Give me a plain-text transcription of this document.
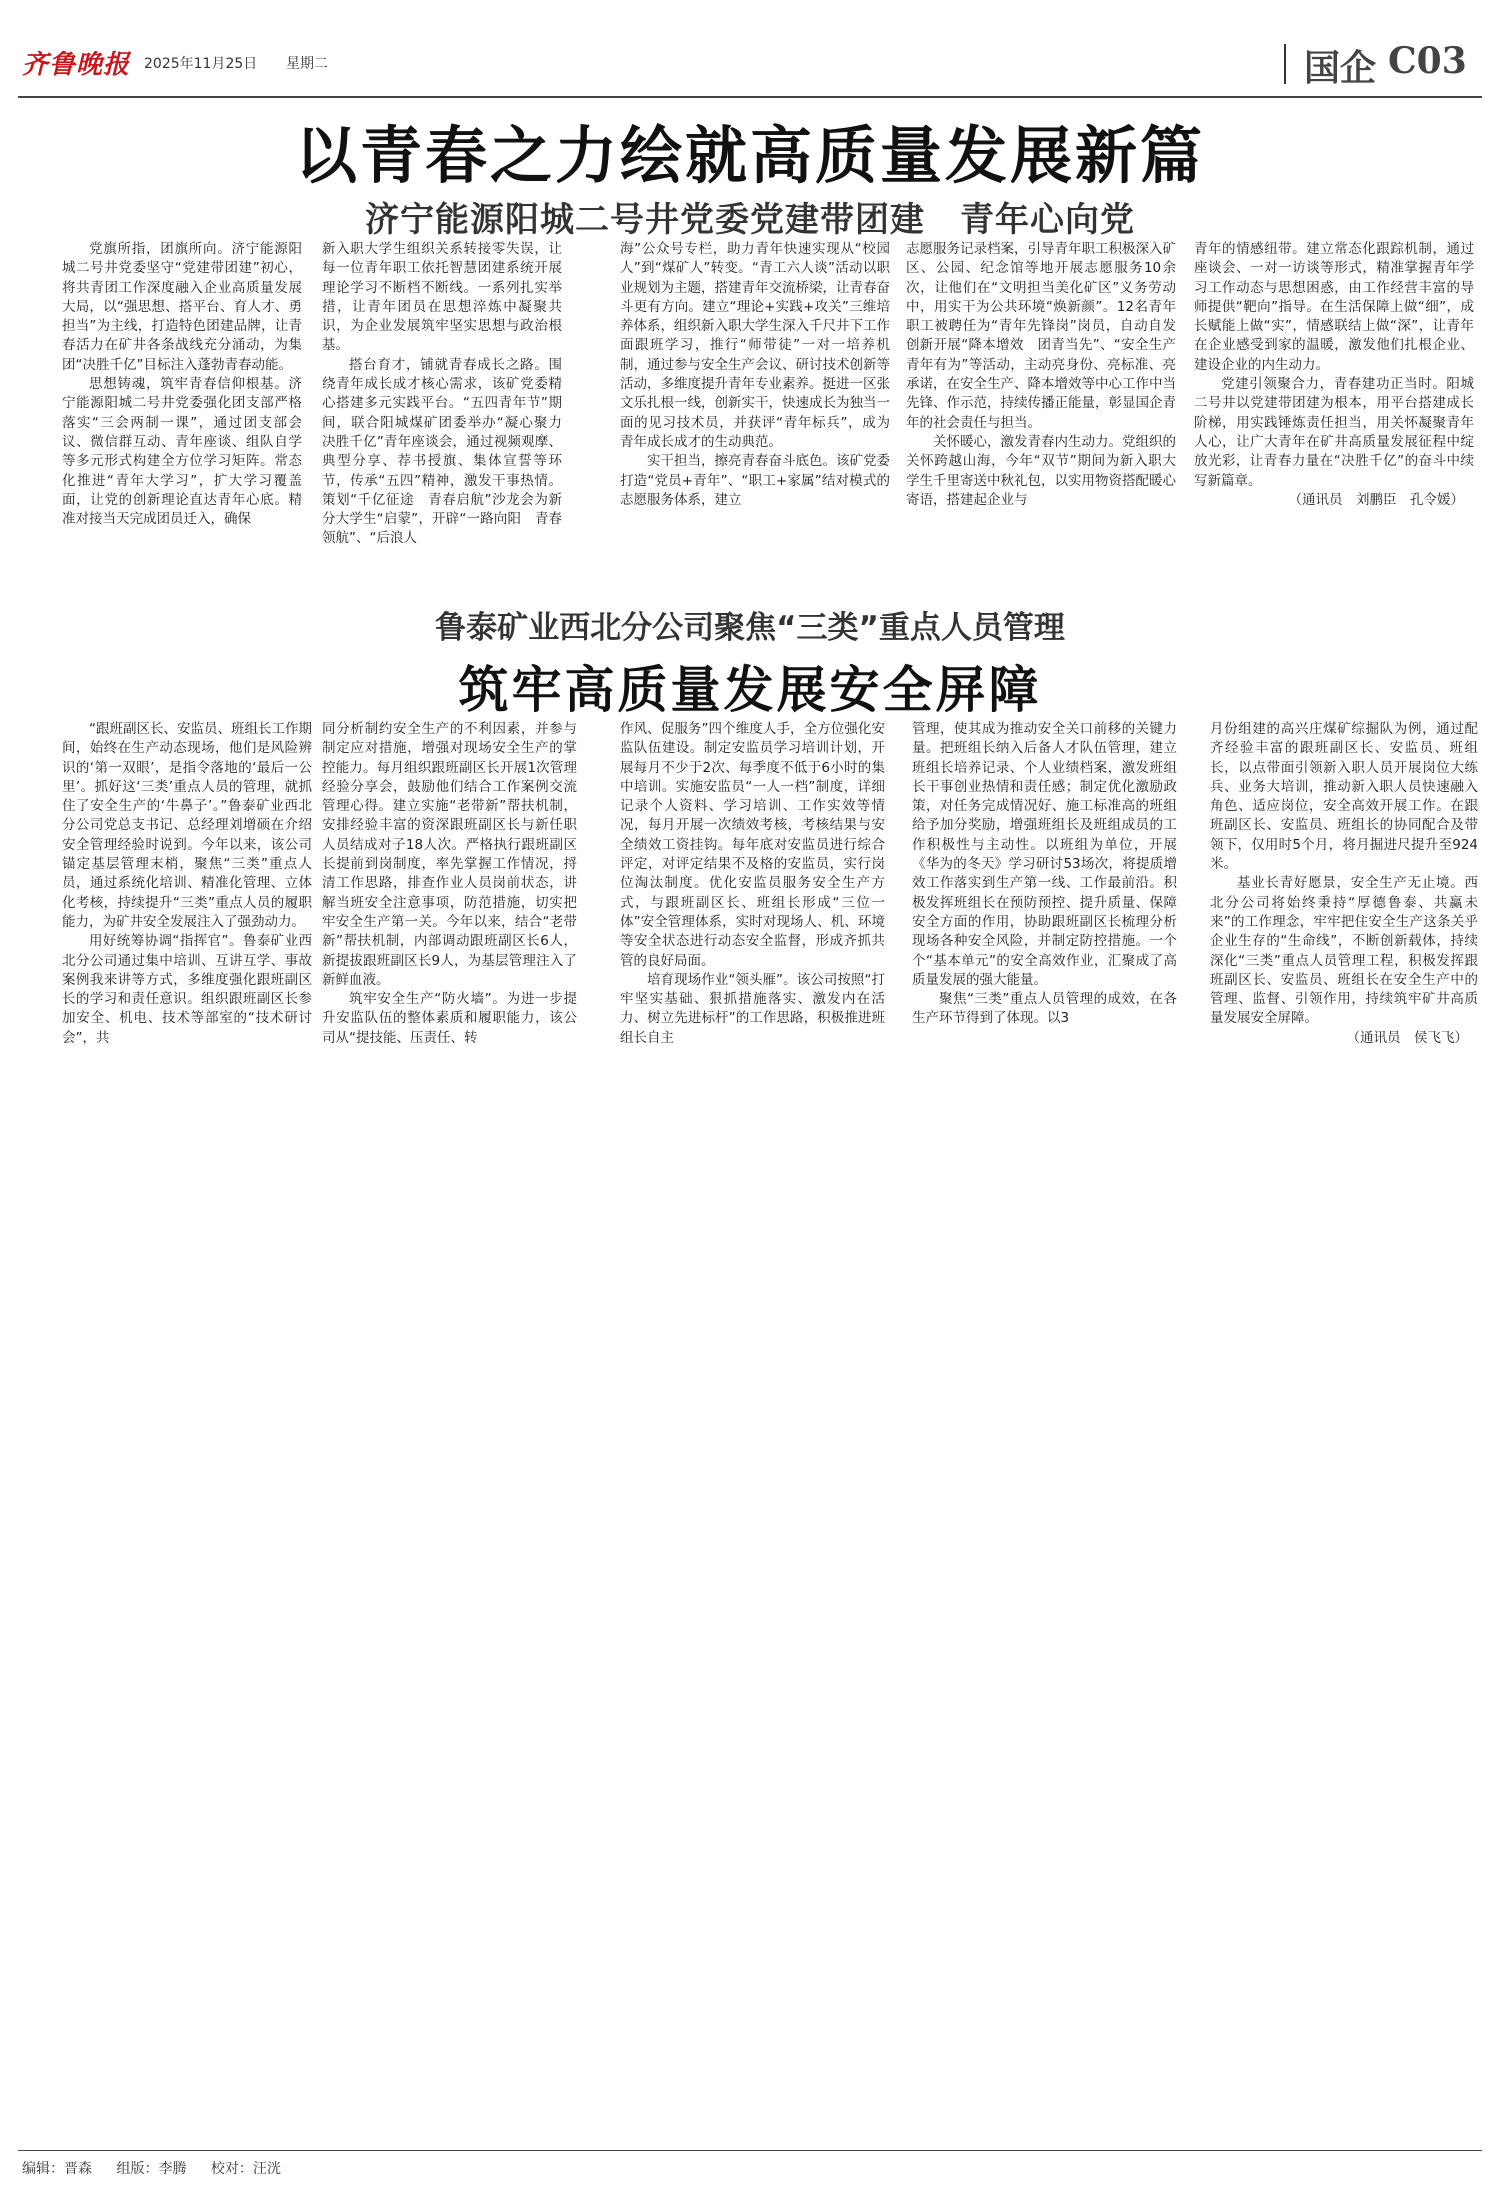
齐鲁晚报 2025年11月25日 星期二	国企 C03
以青春之力绘就高质量发展新篇
济宁能源阳城二号井党委党建带团建　青年心向党

党旗所指，团旗所向。济宁能源阳城二号井党委坚守“党建带团建”初心，将共青团工作深度融入企业高质量发展大局，以“强思想、搭平台、育人才、勇担当”为主线，打造特色团建品牌，让青春活力在矿井各条战线充分涌动，为集团“决胜千亿”目标注入蓬勃青春动能。

思想铸魂，筑牢青春信仰根基。济宁能源阳城二号井党委强化团支部严格落实“三会两制一课”，通过团支部会议、微信群互动、青年座谈、组队自学等多元形式构建全方位学习矩阵。常态化推进“青年大学习”，扩大学习覆盖面，让党的创新理论直达青年心底。精准对接当天完成团员迁入，确保

新入职大学生组织关系转接零失误，让每一位青年职工依托智慧团建系统开展理论学习不断档不断线。一系列扎实举措，让青年团员在思想淬炼中凝聚共识，为企业发展筑牢坚实思想与政治根基。

搭台育才，铺就青春成长之路。围绕青年成长成才核心需求，该矿党委精心搭建多元实践平台。“五四青年节”期间，联合阳城煤矿团委举办“凝心聚力　决胜千亿”青年座谈会，通过视频观摩、典型分享、荐书授旗、集体宣誓等环节，传承“五四”精神，激发干事热情。策划“千亿征途　青春启航”沙龙会为新分大学生“启蒙”，开辟“一路向阳　青春领航”、“后浪人

海”公众号专栏，助力青年快速实现从“校园人”到“煤矿人”转变。“青工六人谈”活动以职业规划为主题，搭建青年交流桥梁，让青春奋斗更有方向。建立“理论+实践+攻关”三维培养体系，组织新入职大学生深入千尺井下工作面跟班学习，推行“师带徒”一对一培养机制，通过参与安全生产会议、研讨技术创新等活动，多维度提升青年专业素养。挺进一区张文乐扎根一线，创新实干，快速成长为独当一面的见习技术员，并获评“青年标兵”，成为青年成长成才的生动典范。

实干担当，擦亮青春奋斗底色。该矿党委打造“党员+青年”、“职工+家属”结对模式的志愿服务体系，建立

志愿服务记录档案，引导青年职工积极深入矿区、公园、纪念馆等地开展志愿服务10余次，让他们在“文明担当美化矿区”义务劳动中，用实干为公共环境“焕新颜”。12名青年职工被聘任为“青年先锋岗”岗员，自动自发创新开展“降本增效　团青当先”、“安全生产　青年有为”等活动，主动亮身份、亮标准、亮承诺，在安全生产、降本增效等中心工作中当先锋、作示范，持续传播正能量，彰显国企青年的社会责任与担当。

关怀暖心，激发青春内生动力。党组织的关怀跨越山海，今年“双节”期间为新入职大学生千里寄送中秋礼包，以实用物资搭配暖心寄语，搭建起企业与

青年的情感纽带。建立常态化跟踪机制，通过座谈会、一对一访谈等形式，精准掌握青年学习工作动态与思想困惑，由工作经营丰富的导师提供“靶向”指导。在生活保障上做“细”，成长赋能上做“实”，情感联结上做“深”，让青年在企业感受到家的温暖，激发他们扎根企业、建设企业的内生动力。

党建引领聚合力，青春建功正当时。阳城二号井以党建带团建为根本，用平台搭建成长阶梯，用实践锤炼责任担当，用关怀凝聚青年人心，让广大青年在矿井高质量发展征程中绽放光彩，让青春力量在“决胜千亿”的奋斗中续写新篇章。

（通讯员　刘鹏臣　孔令媛）

鲁泰矿业西北分公司聚焦“三类”重点人员管理
筑牢高质量发展安全屏障

“跟班副区长、安监员、班组长工作期间，始终在生产动态现场，他们是风险辨识的‘第一双眼’，是指令落地的‘最后一公里’。抓好这‘三类’重点人员的管理，就抓住了安全生产的‘牛鼻子’。”鲁泰矿业西北分公司党总支书记、总经理刘增硕在介绍安全管理经验时说到。今年以来，该公司锚定基层管理末梢，聚焦“三类”重点人员，通过系统化培训、精准化管理、立体化考核，持续提升“三类”重点人员的履职能力，为矿井安全发展注入了强劲动力。

用好统筹协调“指挥官”。鲁泰矿业西北分公司通过集中培训、互讲互学、事故案例我来讲等方式，多维度强化跟班副区长的学习和责任意识。组织跟班副区长参加安全、机电、技术等部室的“技术研讨会”，共

同分析制约安全生产的不利因素，并参与制定应对措施，增强对现场安全生产的掌控能力。每月组织跟班副区长开展1次管理经验分享会，鼓励他们结合工作案例交流管理心得。建立实施“老带新”帮扶机制，安排经验丰富的资深跟班副区长与新任职人员结成对子18人次。严格执行跟班副区长提前到岗制度，率先掌握工作情况，捋清工作思路，排查作业人员岗前状态，讲解当班安全注意事项，防范措施，切实把牢安全生产第一关。今年以来，结合“老带新”帮扶机制，内部调动跟班副区长6人，新提拔跟班副区长9人，为基层管理注入了新鲜血液。

筑牢安全生产“防火墙”。为进一步提升安监队伍的整体素质和履职能力，该公司从“提技能、压责任、转

作风、促服务”四个维度人手，全方位强化安监队伍建设。制定安监员学习培训计划，开展每月不少于2次、每季度不低于6小时的集中培训。实施安监员“一人一档”制度，详细记录个人资料、学习培训、工作实效等情况，每月开展一次绩效考核，考核结果与安全绩效工资挂钩。每年底对安监员进行综合评定，对评定结果不及格的安监员，实行岗位淘汰制度。优化安监员服务安全生产方式，与跟班副区长、班组长形成“三位一体”安全管理体系，实时对现场人、机、环境等安全状态进行动态安全监督，形成齐抓共管的良好局面。

培育现场作业“领头雁”。该公司按照“打牢坚实基础、狠抓措施落实、激发内在活力、树立先进标杆”的工作思路，积极推进班组长自主

管理，使其成为推动安全关口前移的关键力量。把班组长纳入后备人才队伍管理，建立班组长培养记录、个人业绩档案，激发班组长干事创业热情和责任感；制定优化激励政策，对任务完成情况好、施工标准高的班组给予加分奖励，增强班组长及班组成员的工作积极性与主动性。以班组为单位，开展《华为的冬天》学习研讨53场次，将提质增效工作落实到生产第一线、工作最前沿。积极发挥班组长在预防预控、提升质量、保障安全方面的作用，协助跟班副区长梳理分析现场各种安全风险，并制定防控措施。一个个“基本单元”的安全高效作业，汇聚成了高质量发展的强大能量。

聚焦“三类”重点人员管理的成效，在各生产环节得到了体现。以3

月份组建的高兴庄煤矿综掘队为例，通过配齐经验丰富的跟班副区长、安监员、班组长，以点带面引领新入职人员开展岗位大练兵、业务大培训，推动新入职人员快速融入角色、适应岗位，安全高效开展工作。在跟班副区长、安监员、班组长的协同配合及带领下，仅用时5个月，将月掘进尺提升至924米。

基业长青好愿景，安全生产无止境。西北分公司将始终秉持“厚德鲁泰、共赢未来”的工作理念，牢牢把住安全生产这条关乎企业生存的“生命线”，不断创新载体，持续深化“三类”重点人员管理工程，积极发挥跟班副区长、安监员、班组长在安全生产中的管理、监督、引领作用，持续筑牢矿井高质量发展安全屏障。

（通讯员　侯飞飞）

编辑：晋森 组版：李腾 校对：汪洸
